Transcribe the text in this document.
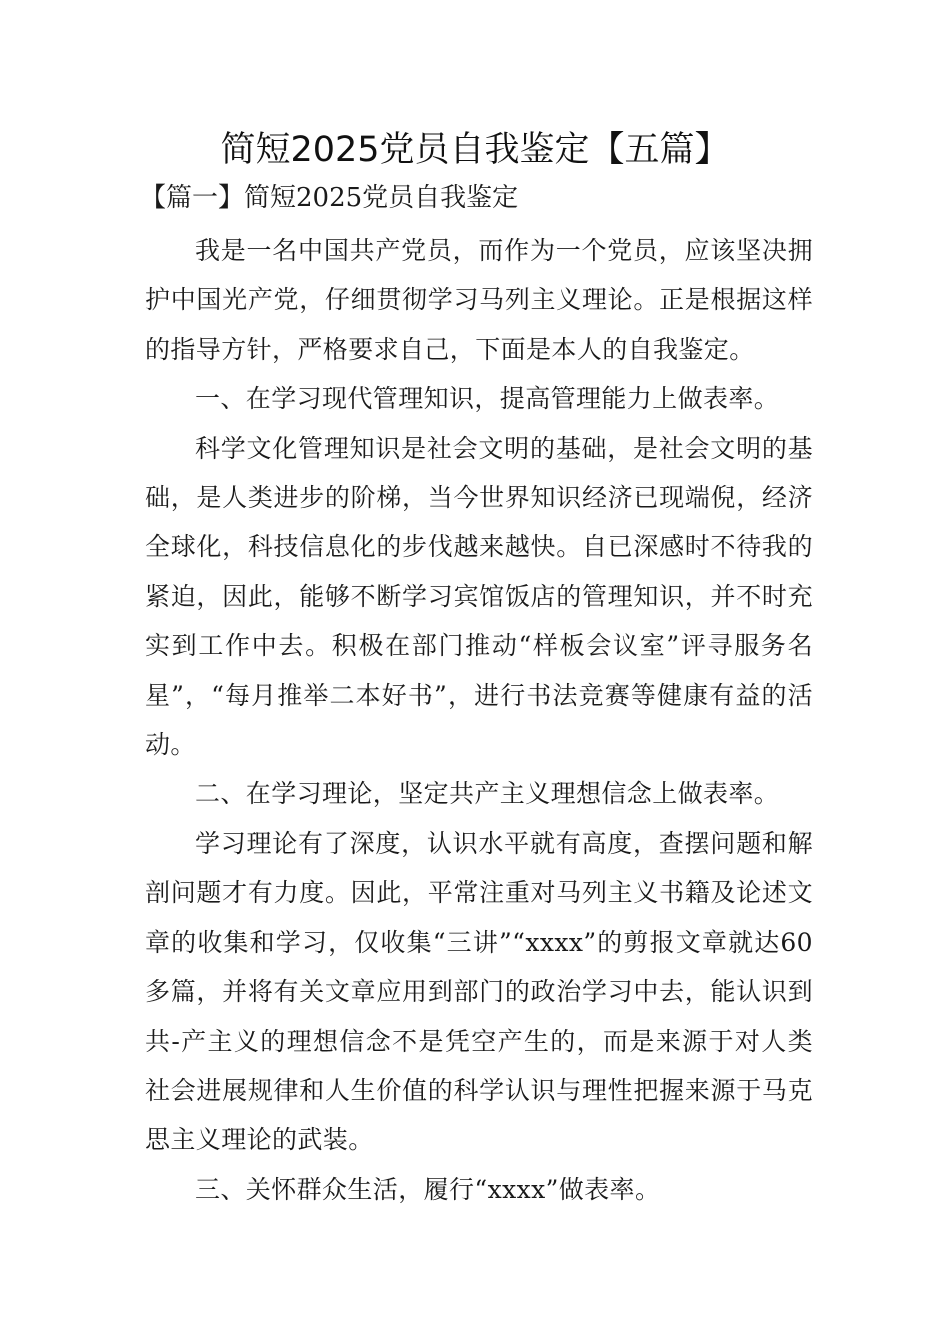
简短2025党员自我鉴定【五篇】
【篇一】简短2025党员自我鉴定

我是一名中国共产党员，而作为一个党员，应该坚决拥护中国光产党，仔细贯彻学习马列主义理论。正是根据这样的指导方针，严格要求自己，下面是本人的自我鉴定。

一、在学习现代管理知识，提高管理能力上做表率。

科学文化管理知识是社会文明的基础，是社会文明的基础，是人类进步的阶梯，当今世界知识经济已现端倪，经济全球化，科技信息化的步伐越来越快。自已深感时不待我的紧迫，因此，能够不断学习宾馆饭店的管理知识，并不时充实到工作中去。积极在部门推动“样板会议室”评寻服务名星”，“每月推举二本好书”，进行书法竞赛等健康有益的活动。

二、在学习理论，坚定共产主义理想信念上做表率。

学习理论有了深度，认识水平就有高度，查摆问题和解剖问题才有力度。因此，平常注重对马列主义书籍及论述文章的收集和学习，仅收集“三讲”“xxxx”的剪报文章就达60多篇，并将有关文章应用到部门的政治学习中去，能认识到共-产主义的理想信念不是凭空产生的，而是来源于对人类社会进展规律和人生价值的科学认识与理性把握来源于马克思主义理论的武装。

三、关怀群众生活，履行“xxxx”做表率。
